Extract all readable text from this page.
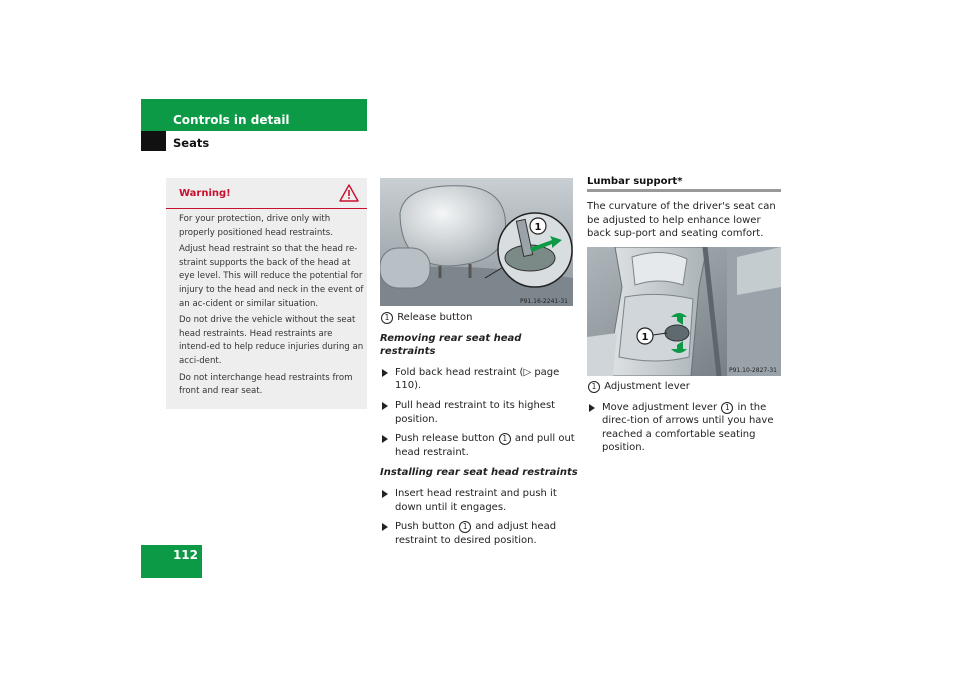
Controls in detail
Seats
Warning!

For your protection, drive only with properly positioned head restraints.

Adjust head restraint so that the head re-straint supports the back of the head at eye level. This will reduce the potential for injury to the head and neck in the event of an ac-cident or similar situation.

Do not drive the vehicle without the seat head restraints. Head restraints are intend-ed to help reduce injuries during an acci-dent.

Do not interchange head restraints from front and rear seat.

1
P91.16-2241-31

1 Release button

Removing rear seat head restraints

Fold back head restraint (▷ page 110).
Pull head restraint to its highest position.
Push release button 1 and pull out head restraint.

Installing rear seat head restraints

Insert head restraint and push it down until it engages.
Push button 1 and adjust head restraint to desired position.

Lumbar support*

The curvature of the driver's seat can be adjusted to help enhance lower back sup-port and seating comfort.

1
P91.10-2827-31

1 Adjustment lever

Move adjustment lever 1 in the direc-tion of arrows until you have reached a comfortable seating position.
112
